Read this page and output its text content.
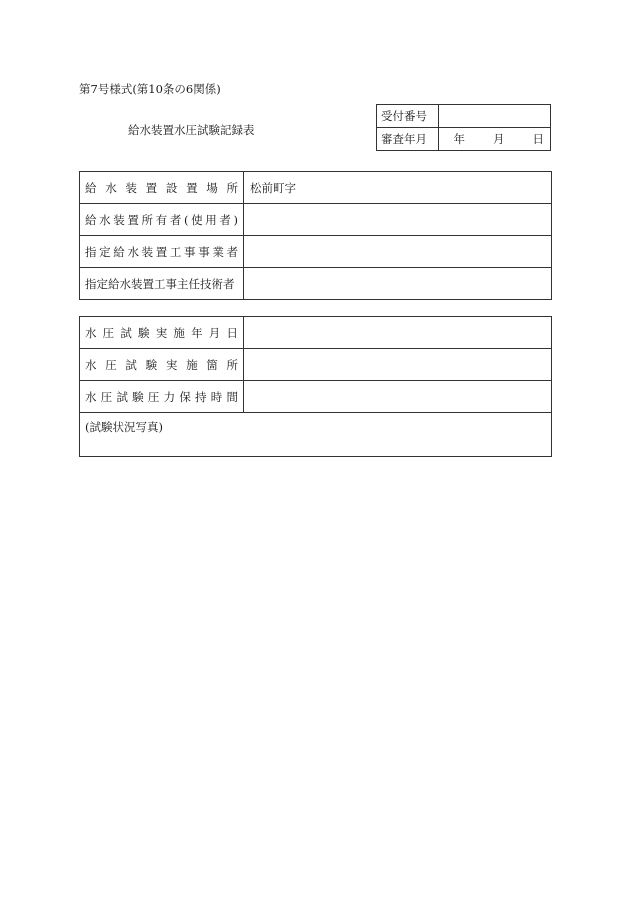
第7号様式(第10条の6関係)
給水装置水圧試験記録表
受付番号	
審査年月	年 月 日
給 水 装 置 設 置 場 所	松前町字

給水装置所有者(使用者)	

指定給水装置工事事業者	

指定給水装置工事主任技術者	

水 圧 試 験 実 施 年 月 日	

水 圧 試 験 実 施 箇 所	

水 圧 試 験 圧 力 保 持 時 間	

(試験状況写真)	
